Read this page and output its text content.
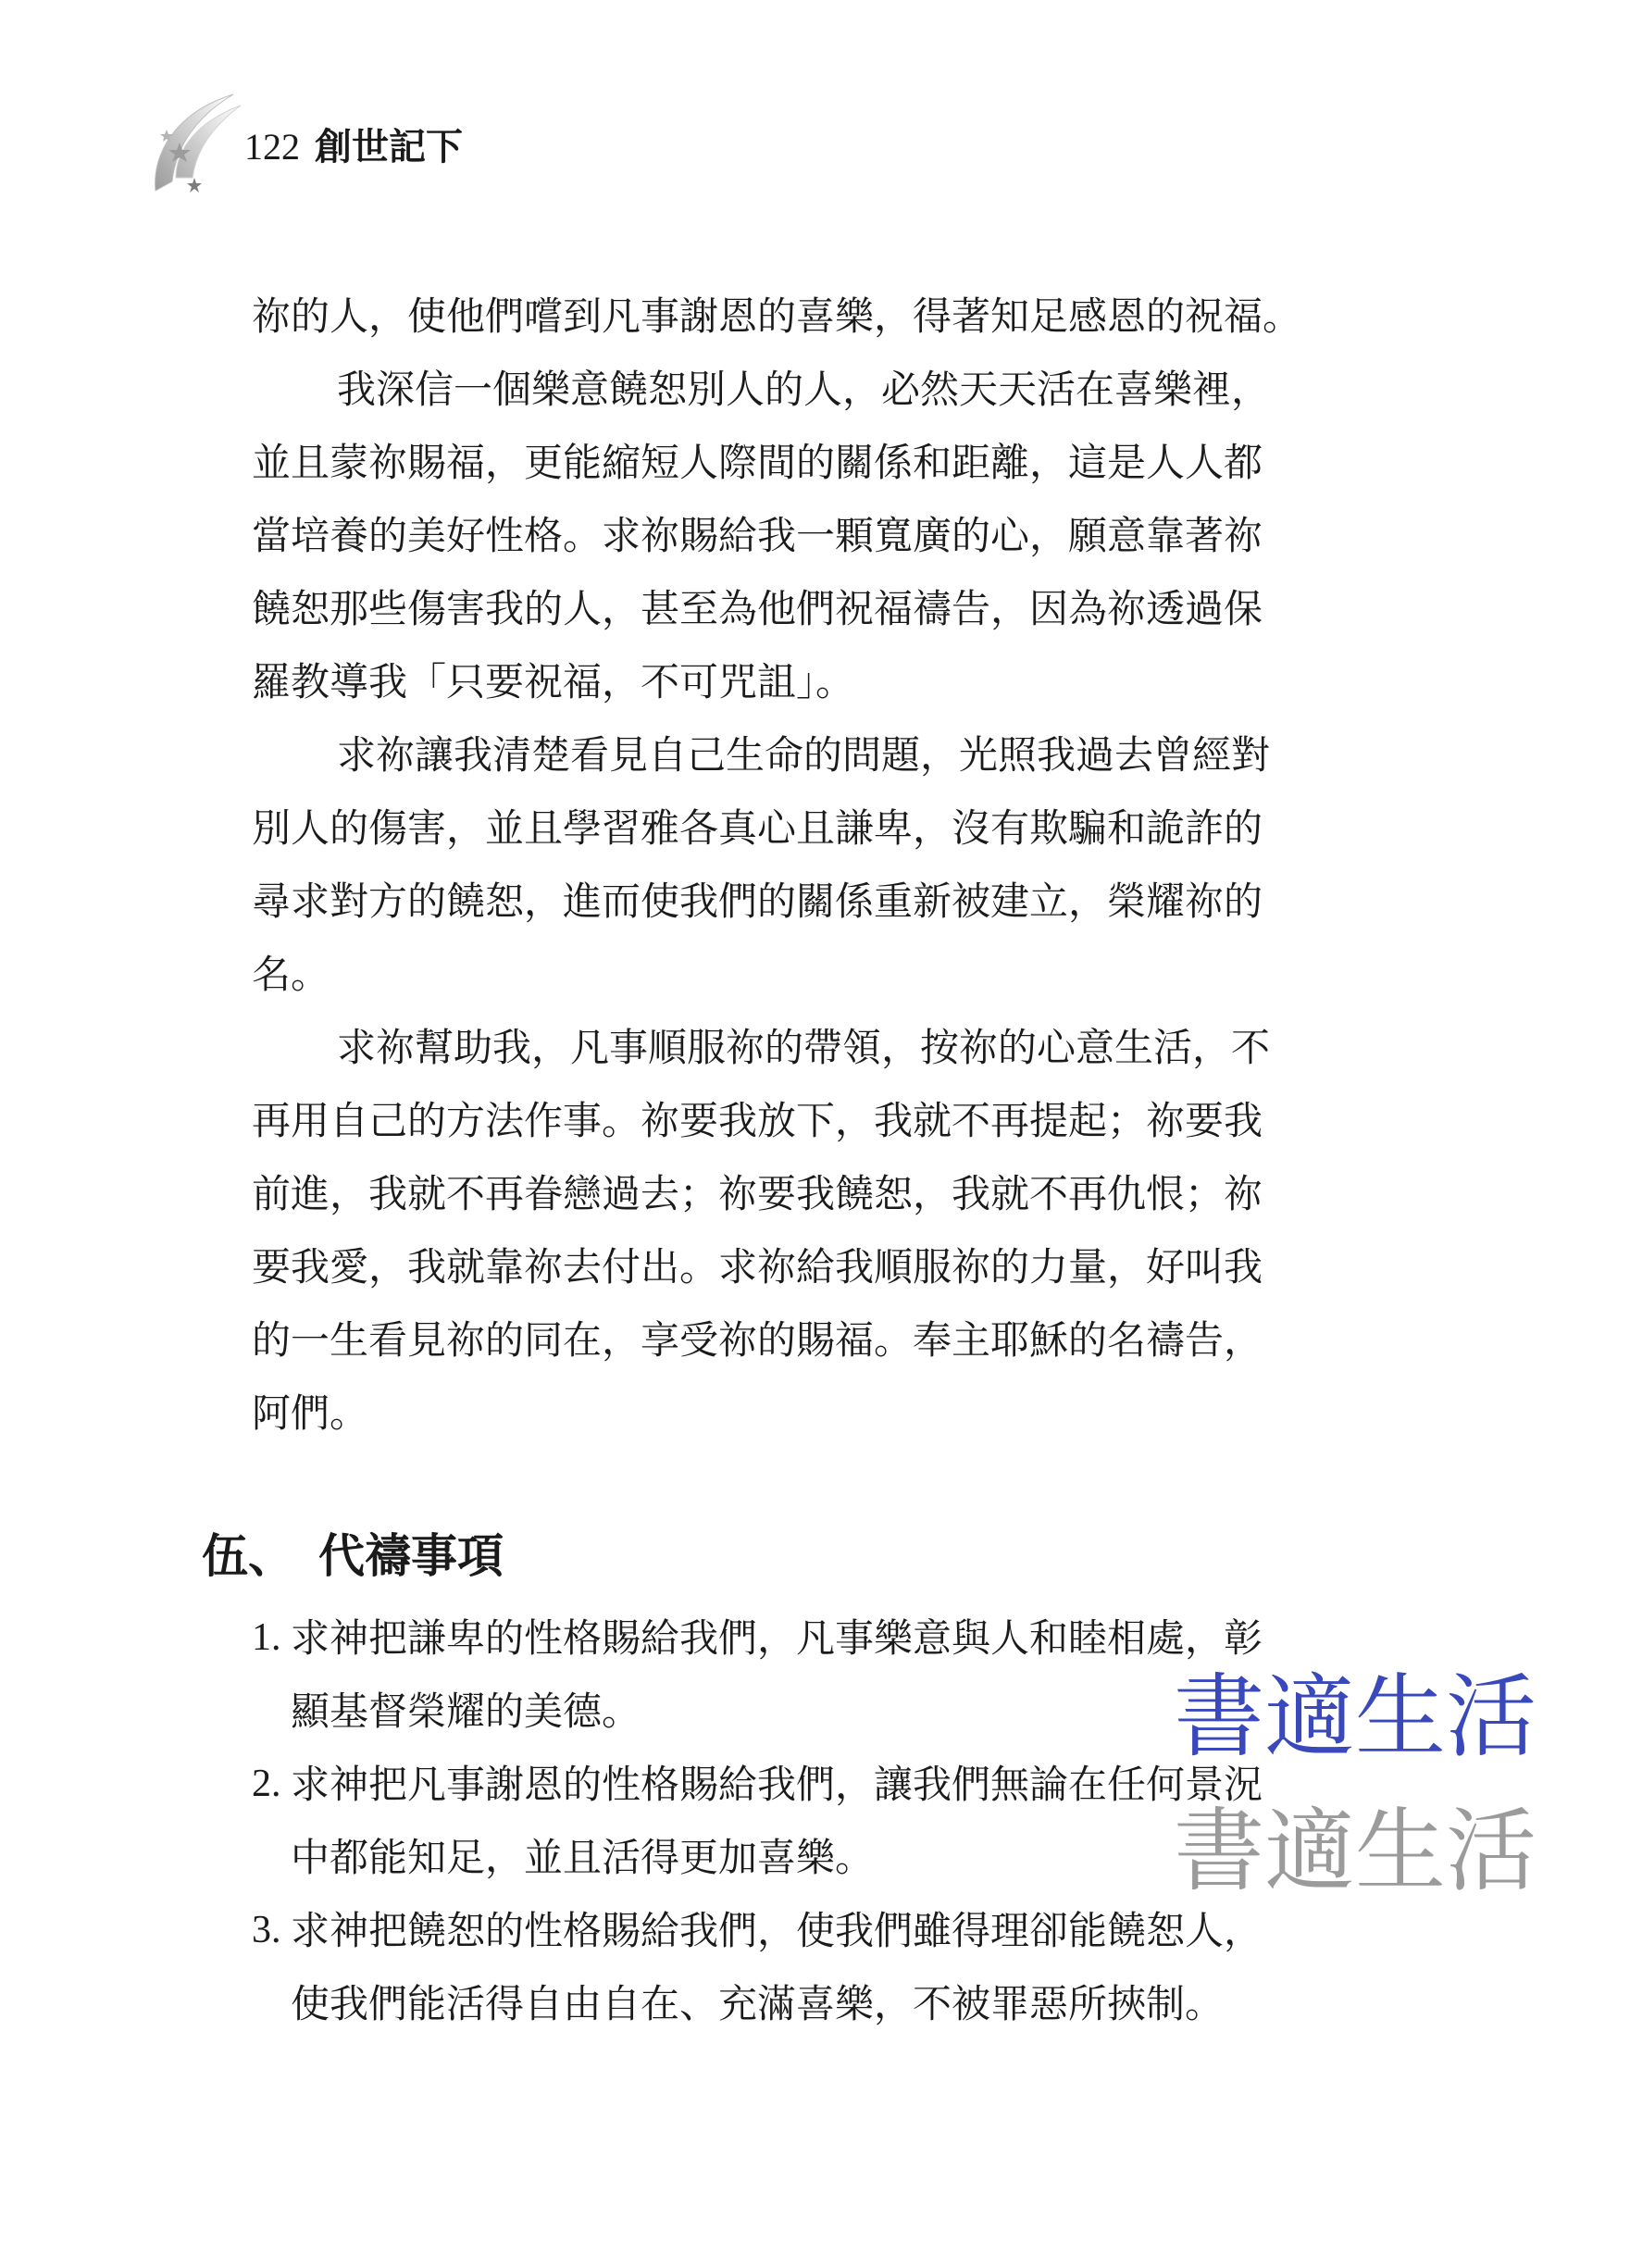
122 創世記下

祢的人，使他們嚐到凡事謝恩的喜樂，得著知足感恩的祝福。

我深信一個樂意饒恕別人的人，必然天天活在喜樂裡，
並且蒙祢賜福，更能縮短人際間的關係和距離，這是人人都
當培養的美好性格。求祢賜給我一顆寬廣的心，願意靠著祢
饒恕那些傷害我的人，甚至為他們祝福禱告，因為祢透過保
羅教導我「只要祝福，不可咒詛」。

求祢讓我清楚看見自己生命的問題，光照我過去曾經對
別人的傷害，並且學習雅各真心且謙卑，沒有欺騙和詭詐的
尋求對方的饒恕，進而使我們的關係重新被建立，榮耀祢的
名。

求祢幫助我，凡事順服祢的帶領，按祢的心意生活，不
再用自己的方法作事。祢要我放下，我就不再提起；祢要我
前進，我就不再眷戀過去；祢要我饒恕，我就不再仇恨；祢
要我愛，我就靠祢去付出。求祢給我順服祢的力量，好叫我
的一生看見祢的同在，享受祢的賜福。奉主耶穌的名禱告，
阿們。

伍、 代禱事項
1. 求神把謙卑的性格賜給我們，凡事樂意與人和睦相處，彰
顯基督榮耀的美德。
2. 求神把凡事謝恩的性格賜給我們，讓我們無論在任何景況
中都能知足，並且活得更加喜樂。
3. 求神把饒恕的性格賜給我們，使我們雖得理卻能饒恕人，
使我們能活得自由自在、充滿喜樂，不被罪惡所挾制。
書適生活
書適生活
